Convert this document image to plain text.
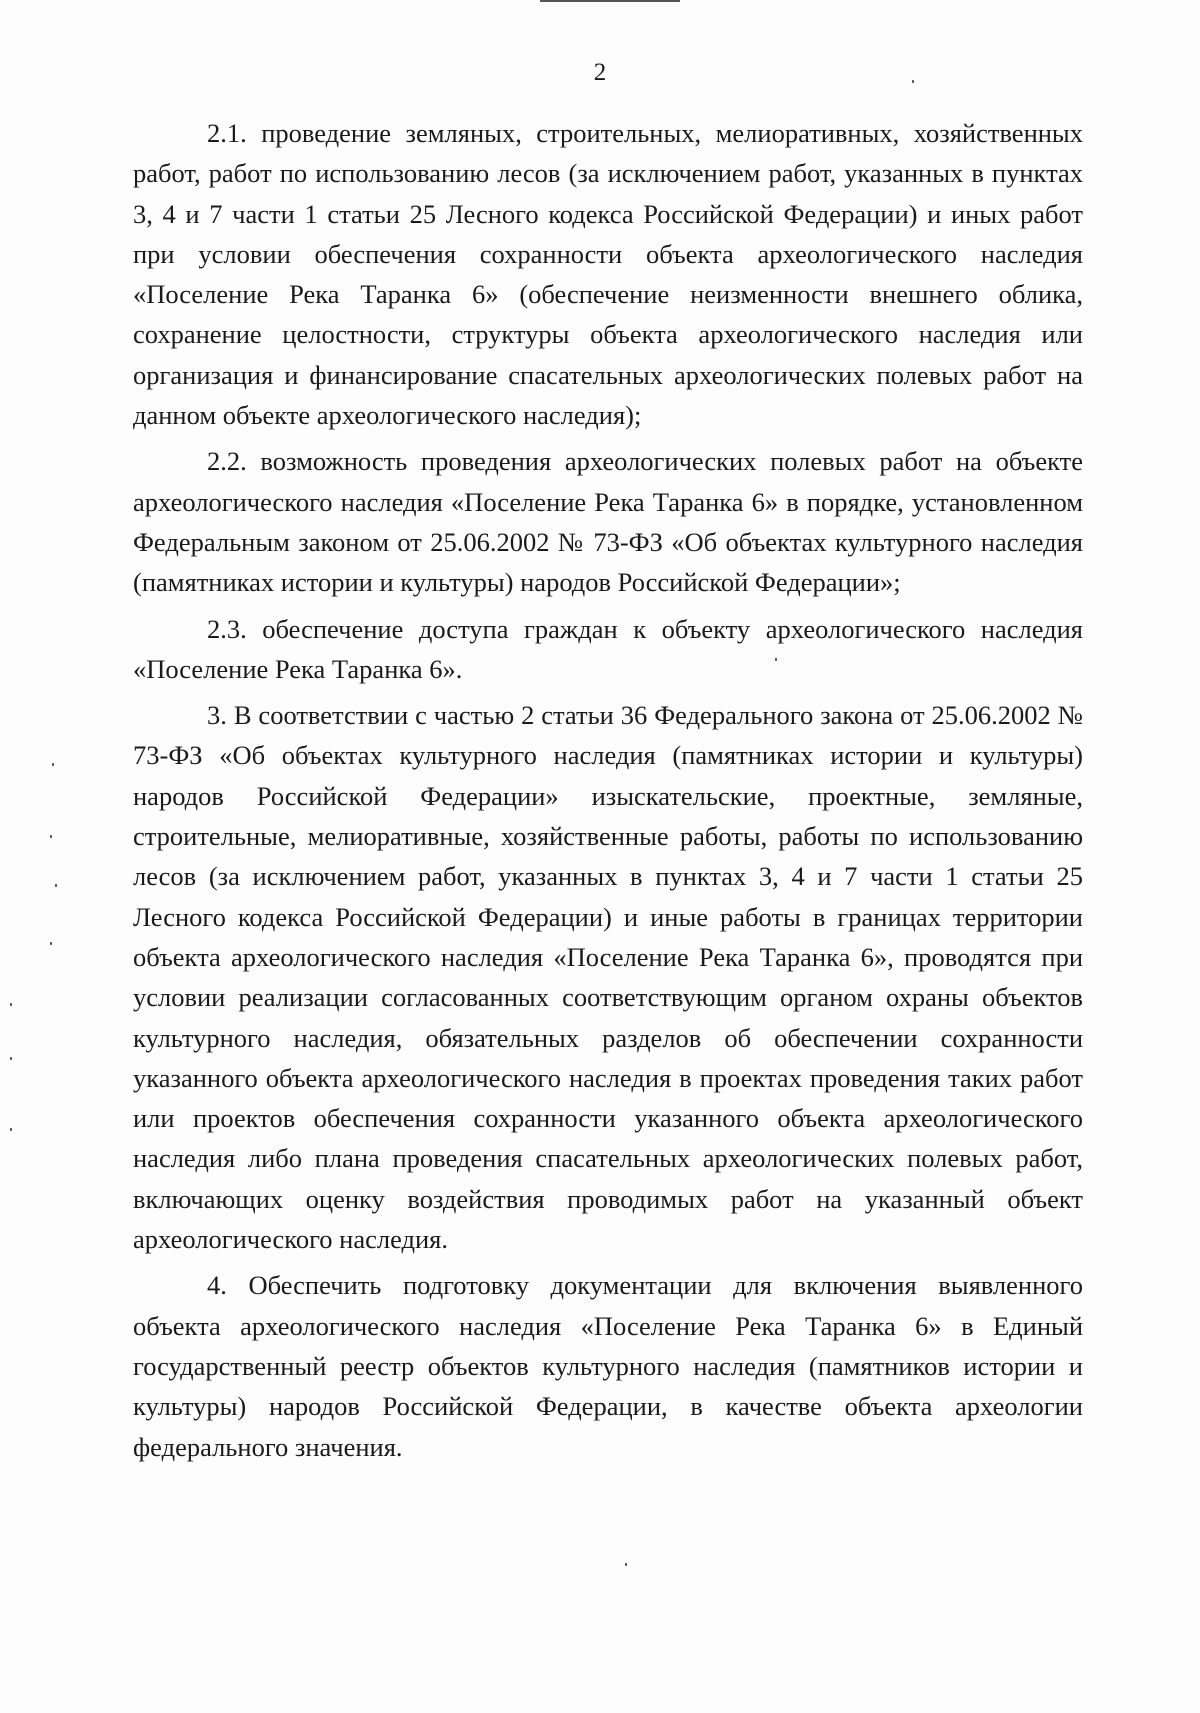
2

2.1. проведение земляных, строительных, мелиоративных, хозяйственных работ, работ по использованию лесов (за исключением работ, указанных в пунктах 3, 4 и 7 части 1 статьи 25 Лесного кодекса Российской Федерации) и иных работ при условии обеспечения сохранности объекта археологического наследия «Поселение Река Таранка 6» (обеспечение неизменности внешнего облика, сохранение целостности, структуры объекта археологического наследия или организация и финансирование спасательных археологических полевых работ на данном объекте археологического наследия);

2.2. возможность проведения археологических полевых работ на объекте археологического наследия «Поселение Река Таранка 6» в порядке, установленном Федеральным законом от 25.06.2002 № 73-ФЗ «Об объектах культурного наследия (памятниках истории и культуры) народов Российской Федерации»;

2.3. обеспечение доступа граждан к объекту археологического наследия «Поселение Река Таранка 6».

3. В соответствии с частью 2 статьи 36 Федерального закона от 25.06.2002 № 73-ФЗ «Об объектах культурного наследия (памятниках истории и культуры) народов Российской Федерации» изыскательские, проектные, земляные, строительные, мелиоративные, хозяйственные работы, работы по использованию лесов (за исключением работ, указанных в пунктах 3, 4 и 7 части 1 статьи 25 Лесного кодекса Российской Федерации) и иные работы в границах территории объекта археологического наследия «Поселение Река Таранка 6», проводятся при условии реализации согласованных соответствующим органом охраны объектов культурного наследия, обязательных разделов об обеспечении сохранности указанного объекта археологического наследия в проектах проведения таких работ или проектов обеспечения сохранности указанного объекта археологического наследия либо плана проведения спасательных археологических полевых работ, включающих оценку воздействия проводимых работ на указанный объект археологического наследия.

4. Обеспечить подготовку документации для включения выявленного объекта археологического наследия «Поселение Река Таранка 6» в Единый государственный реестр объектов культурного наследия (памятников истории и культуры) народов Российской Федерации, в качестве объекта археологии федерального значения.
